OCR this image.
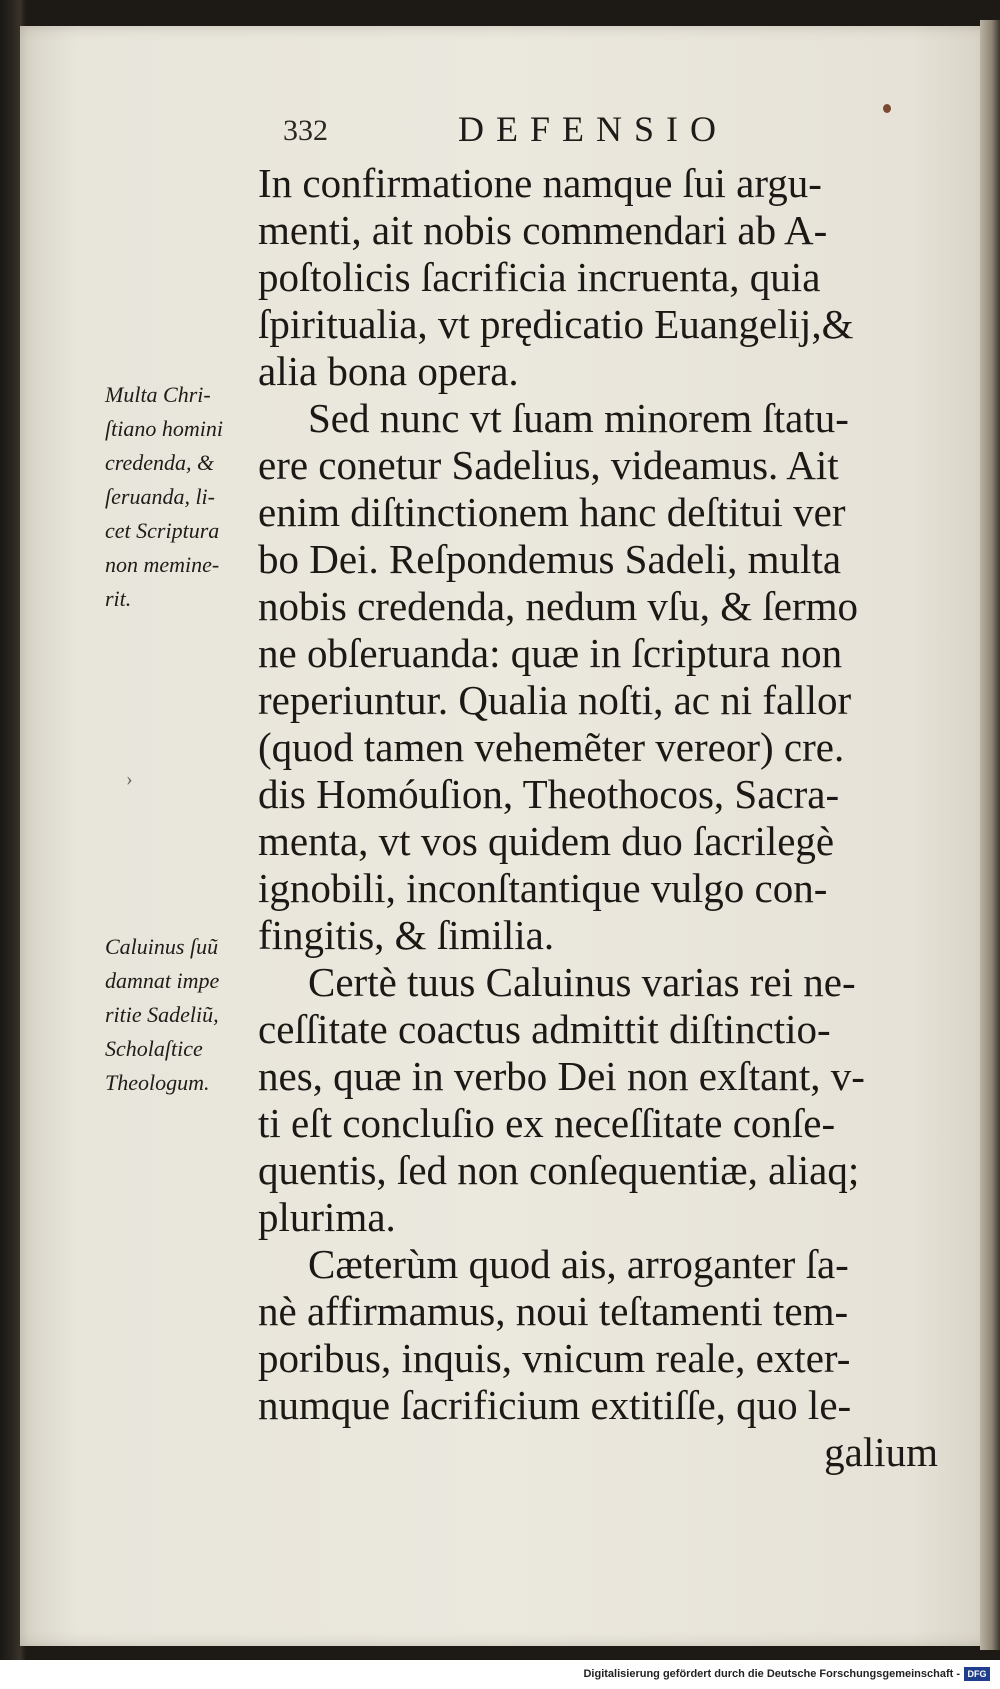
332	DEFENSIO
Multa Chri-
ſtiano homini
credenda, &
ſeruanda, li-
cet Scriptura
non memine-
rit.
›
Caluinus ſuũ
damnat impe
ritie Sadeliũ,
Scholaſtice
Theologum.
In confirmatione namque ſui argu-
menti, ait nobis commendari ab A-
poſtolicis ſacrificia incruenta, quia
ſpiritualia, vt prędicatio Euangelij,&
alia bona opera.
Sed nunc vt ſuam minorem ſtatu-
ere conetur Sadelius, videamus. Ait
enim diſtinctionem hanc deſtitui ver
bo Dei. Reſpondemus Sadeli, multa
nobis credenda, nedum vſu, & ſermo
ne obſeruanda: quæ in ſcriptura non
reperiuntur. Qualia noſti, ac ni fallor
(quod tamen vehemẽter vereor) cre.
dis Homóuſion, Theothocos, Sacra-
menta, vt vos quidem duo ſacrilegè
ignobili, inconſtantique vulgo con-
fingitis, & ſimilia.
Certè tuus Caluinus varias rei ne-
ceſſitate coactus admittit diſtinctio-
nes, quæ in verbo Dei non exſtant, v-
ti eſt concluſio ex neceſſitate conſe-
quentis, ſed non conſequentiæ, aliaq;
plurima.
Cæterùm quod ais, arroganter ſa-
nè affirmamus, noui teſtamenti tem-
poribus, inquis, vnicum reale, exter-
numque ſacrificium extitiſſe, quo le-
galium
Digitalisierung gefördert durch die Deutsche Forschungsgemeinschaft - DFG
